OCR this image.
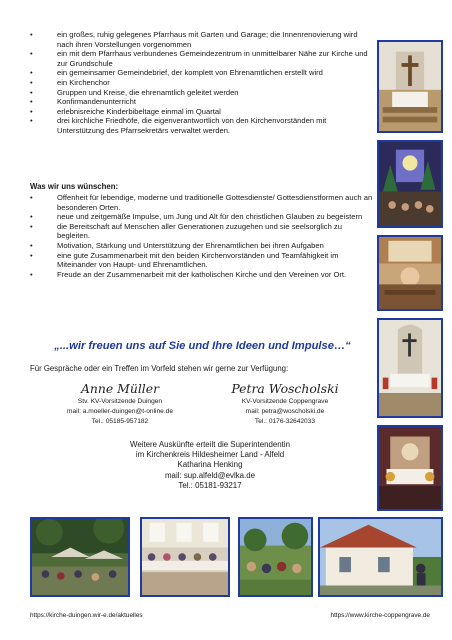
• ein großes, ruhig gelegenes Pfarrhaus mit Garten und Garage; die Innenrenovierung wird nach ihren Vorstellungen vorgenommen
• ein mit dem Pfarrhaus verbundenes Gemeindezentrum in unmittelbarer Nähe zur Kirche und zur Grundschule
• ein gemeinsamer Gemeindebrief, der komplett von Ehrenamtlichen erstellt wird
• ein Kirchenchor
• Gruppen und Kreise, die ehrenamtlich geleitet werden
• Konfirmandenunterricht
• erlebnisreiche Kinderbibeltage einmal im Quartal
• drei kirchliche Friedhöfe, die eigenverantwortlich von den Kirchenvorständen mit Unterstützung des Pfarrsekretärs verwaltet werden.
Was wir uns wünschen:
• Offenheit für lebendige, moderne und traditionelle Gottesdienste/ Gottesdienstformen auch an besonderen Orten.
• neue und zeitgemäße Impulse, um Jung und Alt für den christlichen Glauben zu begeistern
• die Bereitschaft auf Menschen aller Generationen zuzugehen und sie seelsorglich zu begleiten.
• Motivation, Stärkung und Unterstützung der Ehrenamtlichen bei ihren Aufgaben
• eine gute Zusammenarbeit mit den beiden Kirchenvorständen und Teamfähigkeit im Miteinander von Haupt- und Ehrenamtlichen.
• Freude an der Zusammenarbeit mit der katholischen Kirche und den Vereinen vor Ort.
„...wir freuen uns auf Sie und Ihre Ideen und Impulse…“
Für Gespräche oder ein Treffen im Vorfeld stehen wir gerne zur Verfügung:
Anne Müller
Stv. KV-Vorsitzende Duingen
mail: a.moeller-duingen@t-online.de
Tel.: 05185-957182
Petra Woscholski
KV-Vorsitzende Coppengrave
mail: petra@woscholski.de
Tel.: 0176-32642033
Weitere Auskünfte erteilt die Superintendentin
im Kirchenkreis Hildesheimer Land - Alfeld
Katharina Henking
mail: sup.alfeld@evlka.de
Tel.: 05181-93217
https://kirche-duingen.wir-e.de/aktuelles	https://www.kirche-coppengrave.de
